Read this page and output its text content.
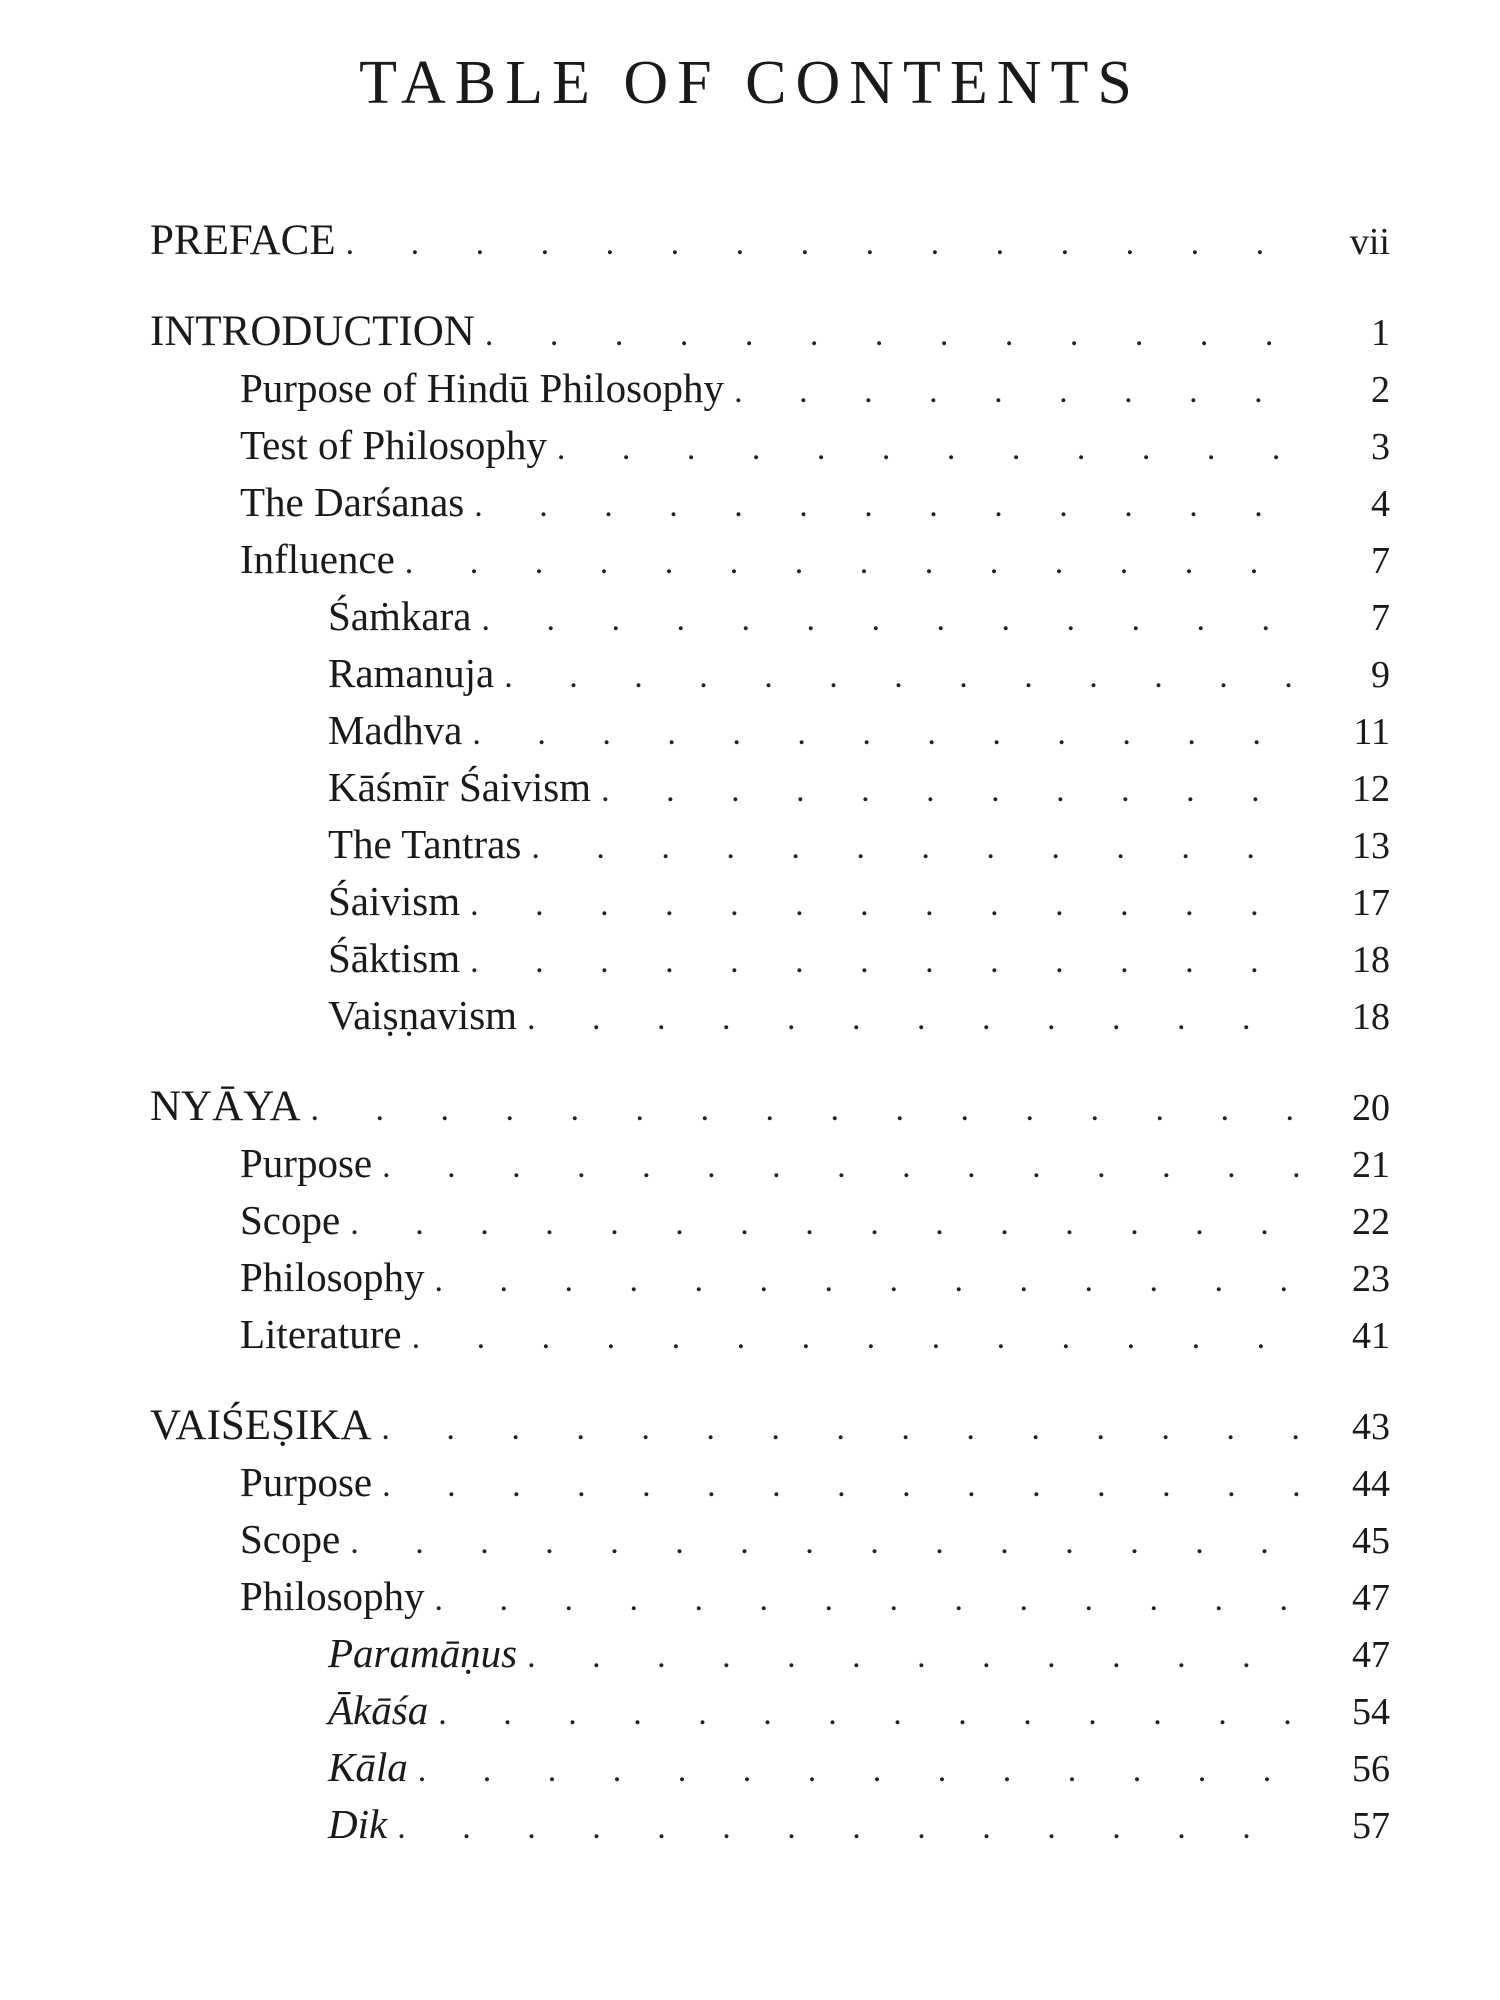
TABLE OF CONTENTS
PREFACE . . .	vii
INTRODUCTION . . .	1
Purpose of Hindū Philosophy . . .	2
Test of Philosophy . . .	3
The Darśanas . . .	4
Influence . . .	7
Śaṁkara . . .	7
Ramanuja . . .	9
Madhva . . .	11
Kāśmīr Śaivism . . .	12
The Tantras . . .	13
Śaivism . . .	17
Śāktism . . .	18
Vaiṣṇavism . . .	18
NYĀYA . . .	20
Purpose . . .	21
Scope . . .	22
Philosophy . . .	23
Literature . . .	41
VAIŚEṢIKA . . .	43
Purpose . . .	44
Scope . . .	45
Philosophy . . .	47
Paramāṇus . . .	47
Ākāśa . . .	54
Kāla . . .	56
Dik . . .	57
